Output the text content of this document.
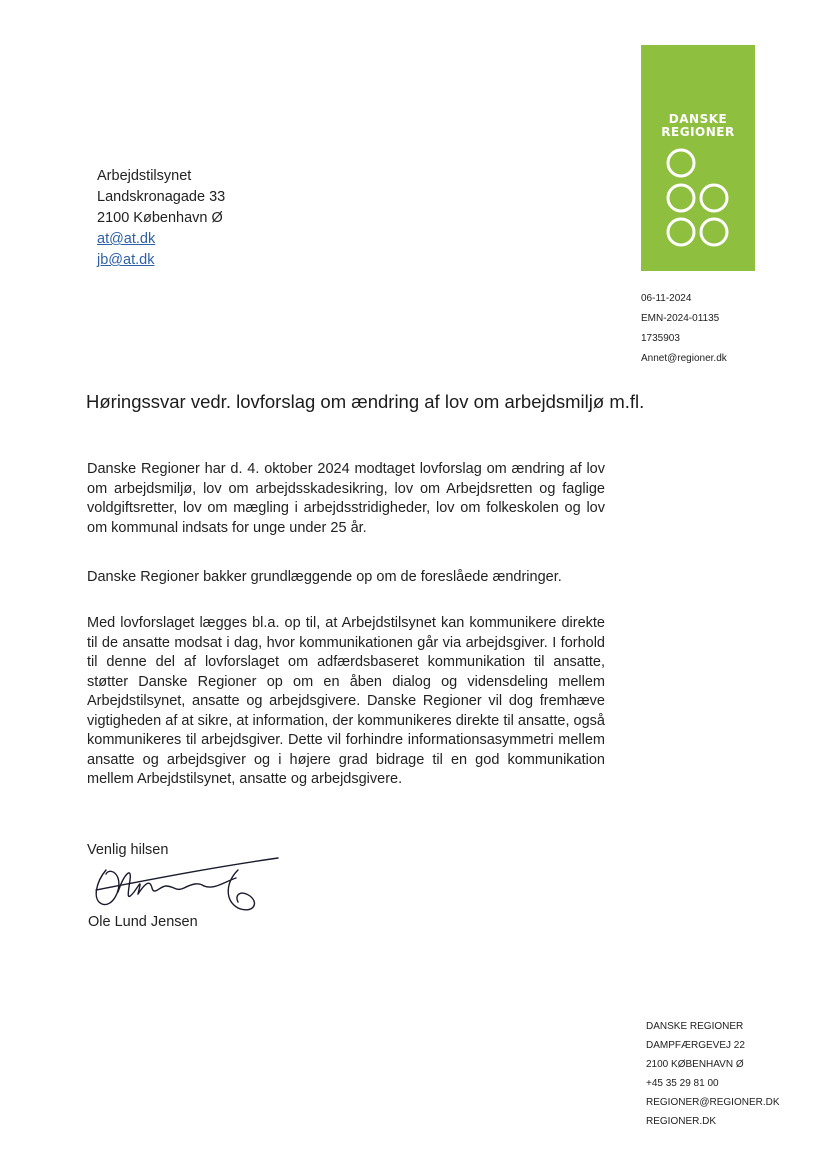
Arbejdstilsynet
Landskronagade 33
2100 København Ø
at@at.dk
jb@at.dk
DANSKE
REGIONER
06-11-2024
EMN-2024-01135
1735903
Annet@regioner.dk
Høringssvar vedr. lovforslag om ændring af lov om arbejdsmiljø m.fl.

Danske Regioner har d. 4. oktober 2024 modtaget lovforslag om ændring af lov om arbejdsmiljø, lov om arbejdsskadesikring, lov om Arbejdsretten og faglige voldgiftsretter, lov om mægling i arbejdsstridigheder, lov om folkeskolen og lov om kommunal indsats for unge under 25 år.

Danske Regioner bakker grundlæggende op om de foreslåede ændringer.

Med lovforslaget lægges bl.a. op til, at Arbejdstilsynet kan kommunikere direkte til de ansatte modsat i dag, hvor kommunikationen går via arbejdsgiver. I forhold til denne del af lovforslaget om adfærdsbaseret kommunikation til ansatte, støtter Danske Regioner op om en åben dialog og vidensdeling mellem Arbejdstilsynet, ansatte og arbejdsgivere. Danske Regioner vil dog fremhæve vigtigheden af at sikre, at information, der kommunikeres direkte til ansatte, også kommunikeres til arbejdsgiver. Dette vil forhindre informationsasymmetri mellem ansatte og arbejdsgiver og i højere grad bidrage til en god kommunikation mellem Arbejdstilsynet, ansatte og arbejdsgivere.

Venlig hilsen
Ole Lund Jensen
DANSKE REGIONER
DAMPFÆRGEVEJ 22
2100 KØBENHAVN Ø
+45 35 29 81 00
REGIONER@REGIONER.DK
REGIONER.DK
